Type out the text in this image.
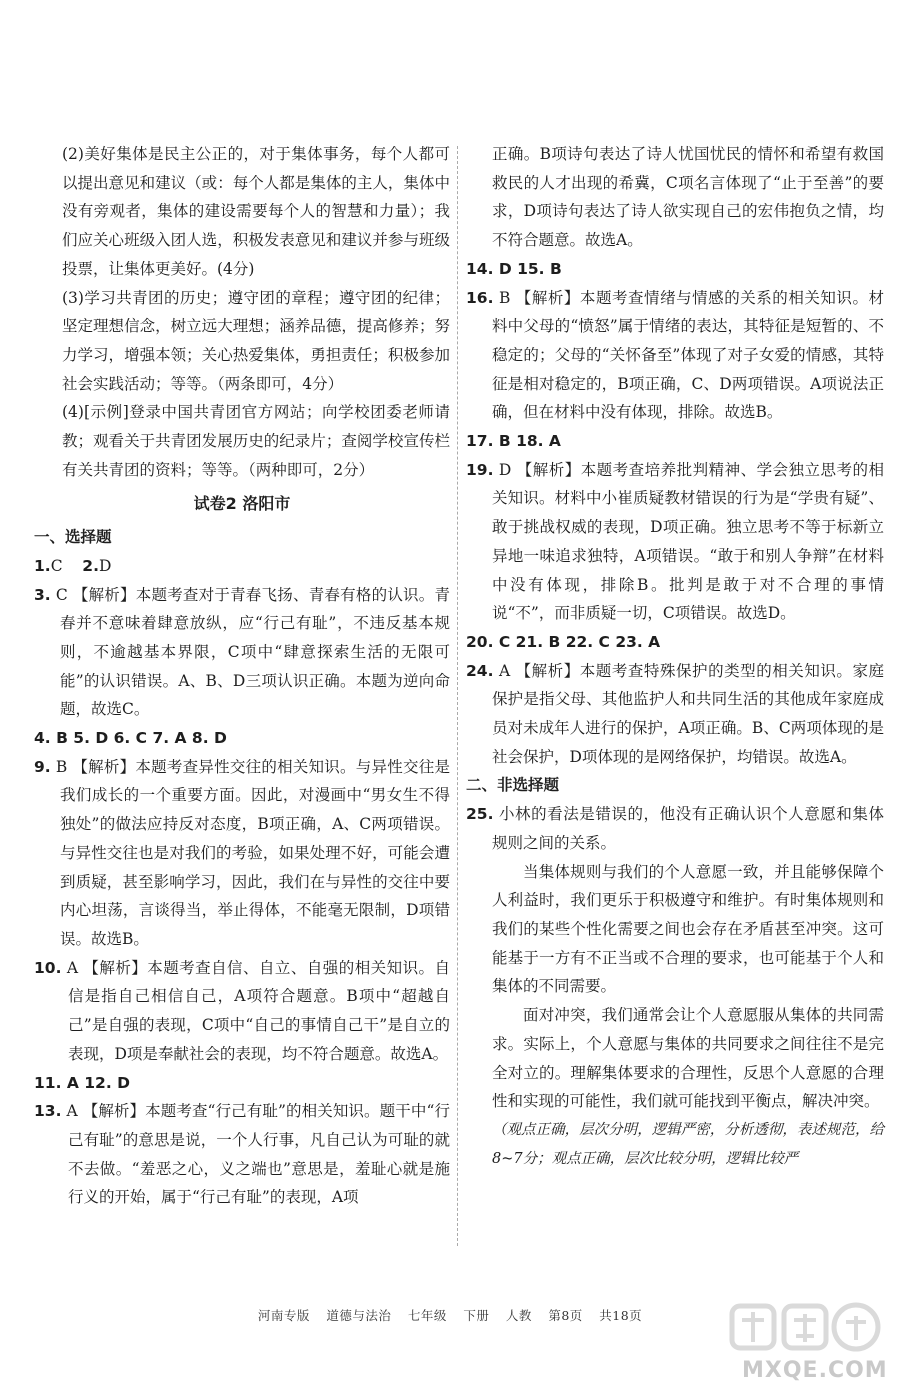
(2)美好集体是民主公正的，对于集体事务，每个人都可以提出意见和建议（或：每个人都是集体的主人，集体中没有旁观者，集体的建设需要每个人的智慧和力量）；我们应关心班级入团人选，积极发表意见和建议并参与班级投票，让集体更美好。(4分)

(3)学习共青团的历史；遵守团的章程；遵守团的纪律；坚定理想信念，树立远大理想；涵养品德，提高修养；努力学习，增强本领；关心热爱集体，勇担责任；积极参加社会实践活动；等等。（两条即可，4分）

(4)[示例]登录中国共青团官方网站；向学校团委老师请教；观看关于共青团发展历史的纪录片；查阅学校宣传栏有关共青团的资料；等等。（两种即可，2分）

试卷2 洛阳市

一、选择题

1.C 2.D

3. C 【解析】本题考查对于青春飞扬、青春有格的认识。青春并不意味着肆意放纵，应“行己有耻”，不违反基本规则，不逾越基本界限，C项中“肆意探索生活的无限可能”的认识错误。A、B、D三项认识正确。本题为逆向命题，故选C。

4. B 5. D 6. C 7. A 8. D

9. B 【解析】本题考查异性交往的相关知识。与异性交往是我们成长的一个重要方面。因此，对漫画中“男女生不得独处”的做法应持反对态度，B项正确，A、C两项错误。与异性交往也是对我们的考验，如果处理不好，可能会遭到质疑，甚至影响学习，因此，我们在与异性的交往中要内心坦荡，言谈得当，举止得体，不能毫无限制，D项错误。故选B。

10. A 【解析】本题考查自信、自立、自强的相关知识。自信是指自己相信自己，A项符合题意。B项中“超越自己”是自强的表现，C项中“自己的事情自己干”是自立的表现，D项是奉献社会的表现，均不符合题意。故选A。

11. A 12. D

13. A 【解析】本题考查“行己有耻”的相关知识。题干中“行己有耻”的意思是说，一个人行事，凡自己认为可耻的就不去做。“羞恶之心，义之端也”意思是，羞耻心就是施行义的开始，属于“行己有耻”的表现，A项

正确。B项诗句表达了诗人忧国忧民的情怀和希望有救国救民的人才出现的希冀，C项名言体现了“止于至善”的要求，D项诗句表达了诗人欲实现自己的宏伟抱负之情，均不符合题意。故选A。

14. D 15. B

16. B 【解析】本题考查情绪与情感的关系的相关知识。材料中父母的“愤怒”属于情绪的表达，其特征是短暂的、不稳定的；父母的“关怀备至”体现了对子女爱的情感，其特征是相对稳定的，B项正确，C、D两项错误。A项说法正确，但在材料中没有体现，排除。故选B。

17. B 18. A

19. D 【解析】本题考查培养批判精神、学会独立思考的相关知识。材料中小崔质疑教材错误的行为是“学贵有疑”、敢于挑战权威的表现，D项正确。独立思考不等于标新立异地一味追求独特，A项错误。“敢于和别人争辩”在材料中没有体现，排除B。批判是敢于对不合理的事情说“不”，而非质疑一切，C项错误。故选D。

20. C 21. B 22. C 23. A

24. A 【解析】本题考查特殊保护的类型的相关知识。家庭保护是指父母、其他监护人和共同生活的其他成年家庭成员对未成年人进行的保护，A项正确。B、C两项体现的是社会保护，D项体现的是网络保护，均错误。故选A。

二、非选择题

25. 小林的看法是错误的，他没有正确认识个人意愿和集体规则之间的关系。

当集体规则与我们的个人意愿一致，并且能够保障个人利益时，我们更乐于积极遵守和维护。有时集体规则和我们的某些个性化需要之间也会存在矛盾甚至冲突。这可能基于一方有不正当或不合理的要求，也可能基于个人和集体的不同需要。

面对冲突，我们通常会让个人意愿服从集体的共同需求。实际上，个人意愿与集体的共同要求之间往往不是完全对立的。理解集体要求的合理性，反思个人意愿的合理性和实现的可能性，我们就可能找到平衡点，解决冲突。

（观点正确，层次分明，逻辑严密，分析透彻，表述规范，给8~7分；观点正确，层次比较分明，逻辑比较严

河南专版 道德与法治 七年级 下册 人教 第8页 共18页
MXQE.COM
